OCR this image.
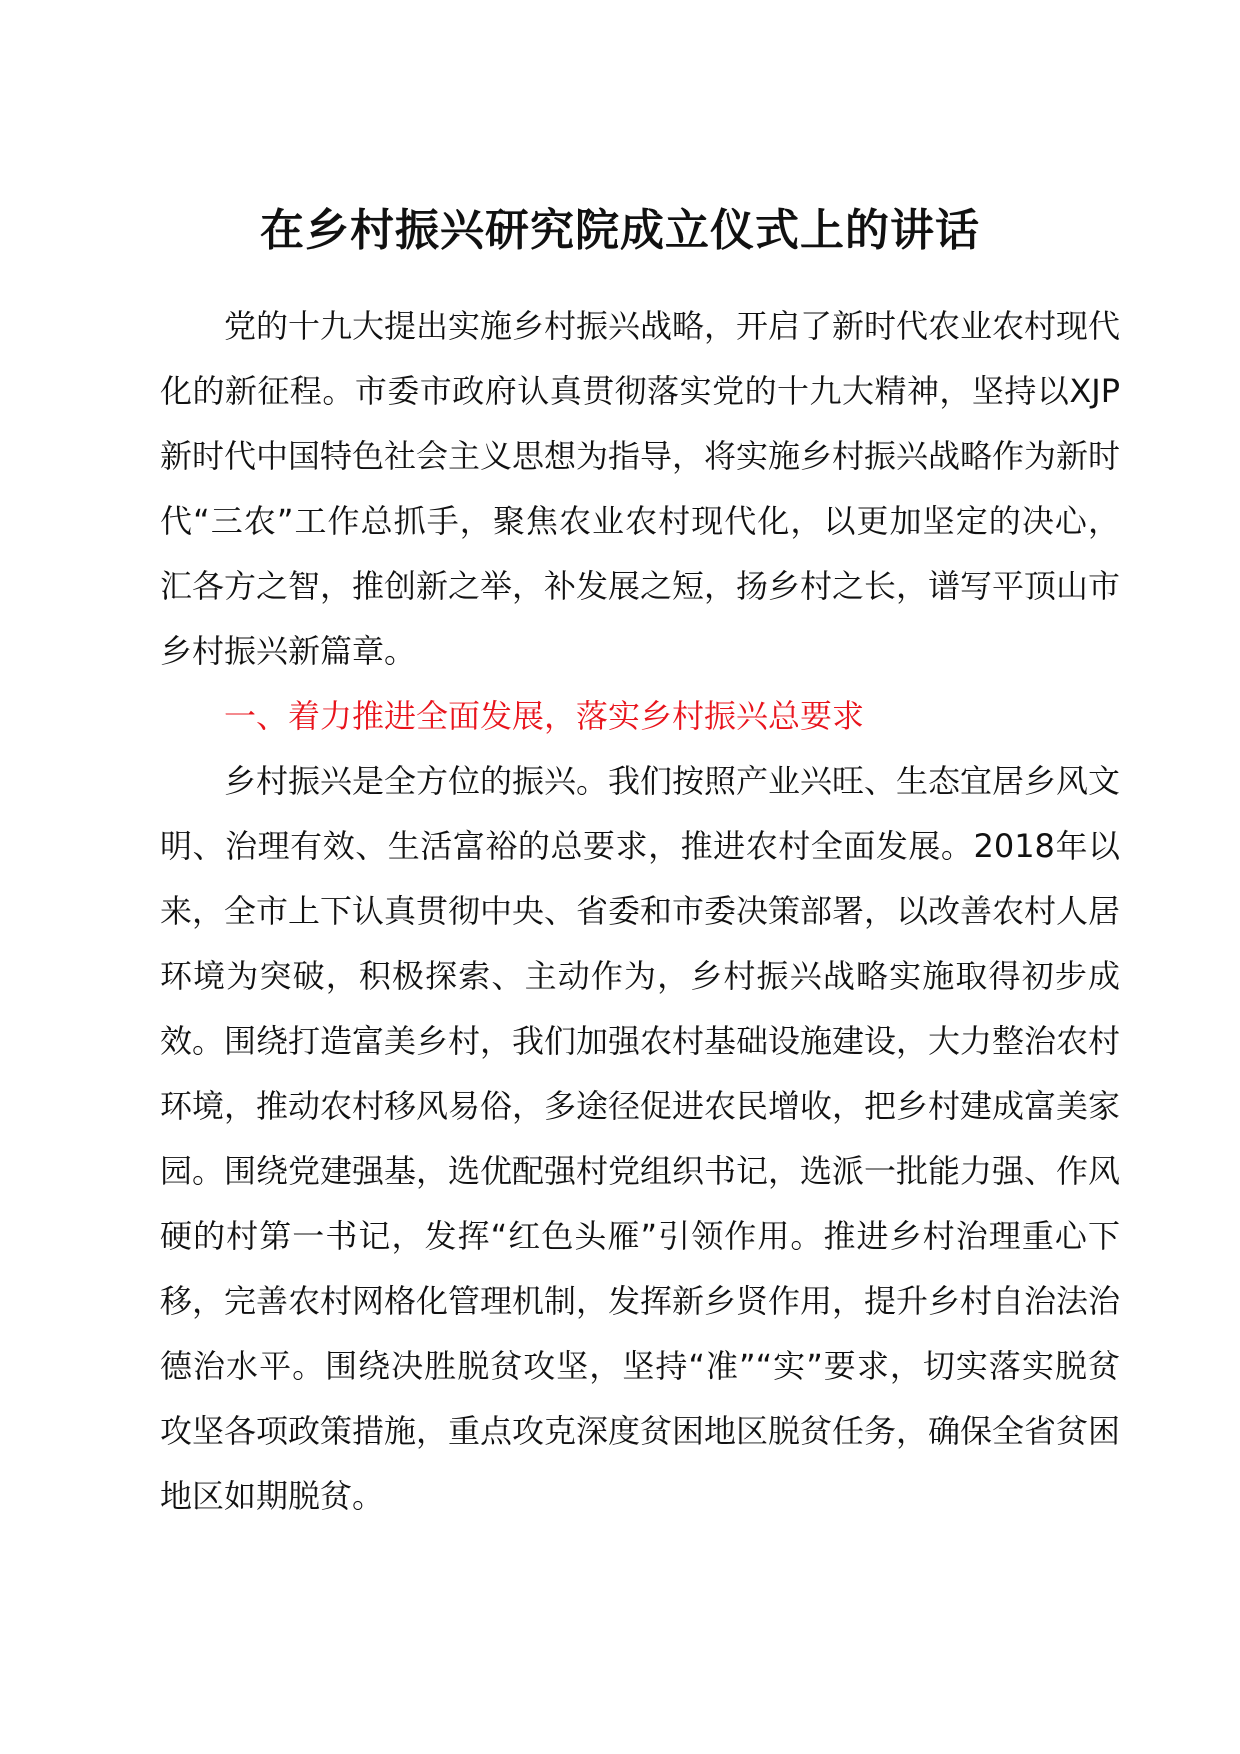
在乡村振兴研究院成立仪式上的讲话

党的十九大提出实施乡村振兴战略，开启了新时代农业农村现代化的新征程。市委市政府认真贯彻落实党的十九大精神，坚持以XJP新时代中国特色社会主义思想为指导，将实施乡村振兴战略作为新时代“三农”工作总抓手，聚焦农业农村现代化，以更加坚定的决心，汇各方之智，推创新之举，补发展之短，扬乡村之长，谱写平顶山市乡村振兴新篇章。

一、着力推进全面发展，落实乡村振兴总要求

乡村振兴是全方位的振兴。我们按照产业兴旺、生态宜居乡风文明、治理有效、生活富裕的总要求，推进农村全面发展。2018年以来，全市上下认真贯彻中央、省委和市委决策部署，以改善农村人居环境为突破，积极探索、主动作为，乡村振兴战略实施取得初步成效。围绕打造富美乡村，我们加强农村基础设施建设，大力整治农村环境，推动农村移风易俗，多途径促进农民增收，把乡村建成富美家园。围绕党建强基，选优配强村党组织书记，选派一批能力强、作风硬的村第一书记，发挥“红色头雁”引领作用。推进乡村治理重心下移，完善农村网格化管理机制，发挥新乡贤作用，提升乡村自治法治德治水平。围绕决胜脱贫攻坚，坚持“准”“实”要求，切实落实脱贫攻坚各项政策措施，重点攻克深度贫困地区脱贫任务，确保全省贫困地区如期脱贫。
